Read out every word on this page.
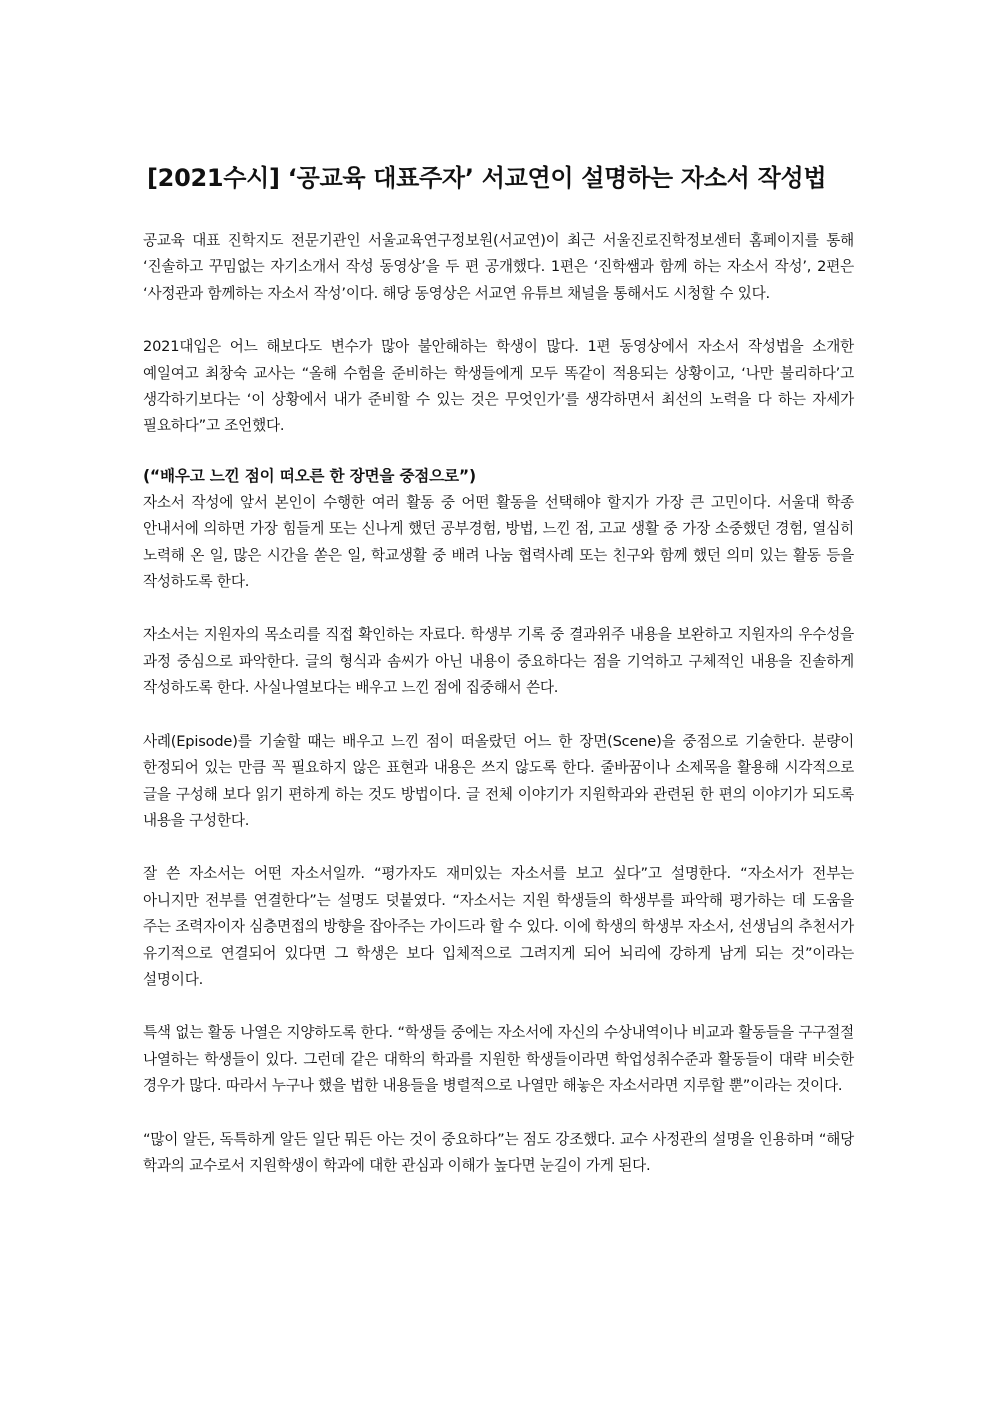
[2021수시] ‘공교육 대표주자’ 서교연이 설명하는 자소서 작성법

공교육 대표 진학지도 전문기관인 서울교육연구정보원(서교연)이 최근 서울진로진학정보센터 홈페이지를 통해 ‘진솔하고 꾸밈없는 자기소개서 작성 동영상’을 두 편 공개했다. 1편은 ‘진학쌤과 함께 하는 자소서 작성’, 2편은 ‘사정관과 함께하는 자소서 작성’이다. 해당 동영상은 서교연 유튜브 채널을 통해서도 시청할 수 있다.

2021대입은 어느 해보다도 변수가 많아 불안해하는 학생이 많다. 1편 동영상에서 자소서 작성법을 소개한 예일여고 최창숙 교사는 “올해 수험을 준비하는 학생들에게 모두 똑같이 적용되는 상황이고, ‘나만 불리하다’고 생각하기보다는 ‘이 상황에서 내가 준비할 수 있는 것은 무엇인가’를 생각하면서 최선의 노력을 다 하는 자세가 필요하다”고 조언했다.

(“배우고 느낀 점이 떠오른 한 장면을 중점으로”)

자소서 작성에 앞서 본인이 수행한 여러 활동 중 어떤 활동을 선택해야 할지가 가장 큰 고민이다. 서울대 학종 안내서에 의하면 가장 힘들게 또는 신나게 했던 공부경험, 방법, 느낀 점, 고교 생활 중 가장 소중했던 경험, 열심히 노력해 온 일, 많은 시간을 쏟은 일, 학교생활 중 배려 나눔 협력사례 또는 친구와 함께 했던 의미 있는 활동 등을 작성하도록 한다.

자소서는 지원자의 목소리를 직접 확인하는 자료다. 학생부 기록 중 결과위주 내용을 보완하고 지원자의 우수성을 과정 중심으로 파악한다. 글의 형식과 솜씨가 아닌 내용이 중요하다는 점을 기억하고 구체적인 내용을 진솔하게 작성하도록 한다. 사실나열보다는 배우고 느낀 점에 집중해서 쓴다.

사례(Episode)를 기술할 때는 배우고 느낀 점이 떠올랐던 어느 한 장면(Scene)을 중점으로 기술한다. 분량이 한정되어 있는 만큼 꼭 필요하지 않은 표현과 내용은 쓰지 않도록 한다. 줄바꿈이나 소제목을 활용해 시각적으로 글을 구성해 보다 읽기 편하게 하는 것도 방법이다. 글 전체 이야기가 지원학과와 관련된 한 편의 이야기가 되도록 내용을 구성한다.

잘 쓴 자소서는 어떤 자소서일까. “평가자도 재미있는 자소서를 보고 싶다”고 설명한다. “자소서가 전부는 아니지만 전부를 연결한다”는 설명도 덧붙였다. “자소서는 지원 학생들의 학생부를 파악해 평가하는 데 도움을 주는 조력자이자 심층면접의 방향을 잡아주는 가이드라 할 수 있다. 이에 학생의 학생부 자소서, 선생님의 추천서가 유기적으로 연결되어 있다면 그 학생은 보다 입체적으로 그려지게 되어 뇌리에 강하게 남게 되는 것”이라는 설명이다.

특색 없는 활동 나열은 지양하도록 한다. “학생들 중에는 자소서에 자신의 수상내역이나 비교과 활동들을 구구절절 나열하는 학생들이 있다. 그런데 같은 대학의 학과를 지원한 학생들이라면 학업성취수준과 활동들이 대략 비슷한 경우가 많다. 따라서 누구나 했을 법한 내용들을 병렬적으로 나열만 해놓은 자소서라면 지루할 뿐”이라는 것이다.

“많이 알든, 독특하게 알든 일단 뭐든 아는 것이 중요하다”는 점도 강조했다. 교수 사정관의 설명을 인용하며 “해당 학과의 교수로서 지원학생이 학과에 대한 관심과 이해가 높다면 눈길이 가게 된다.
